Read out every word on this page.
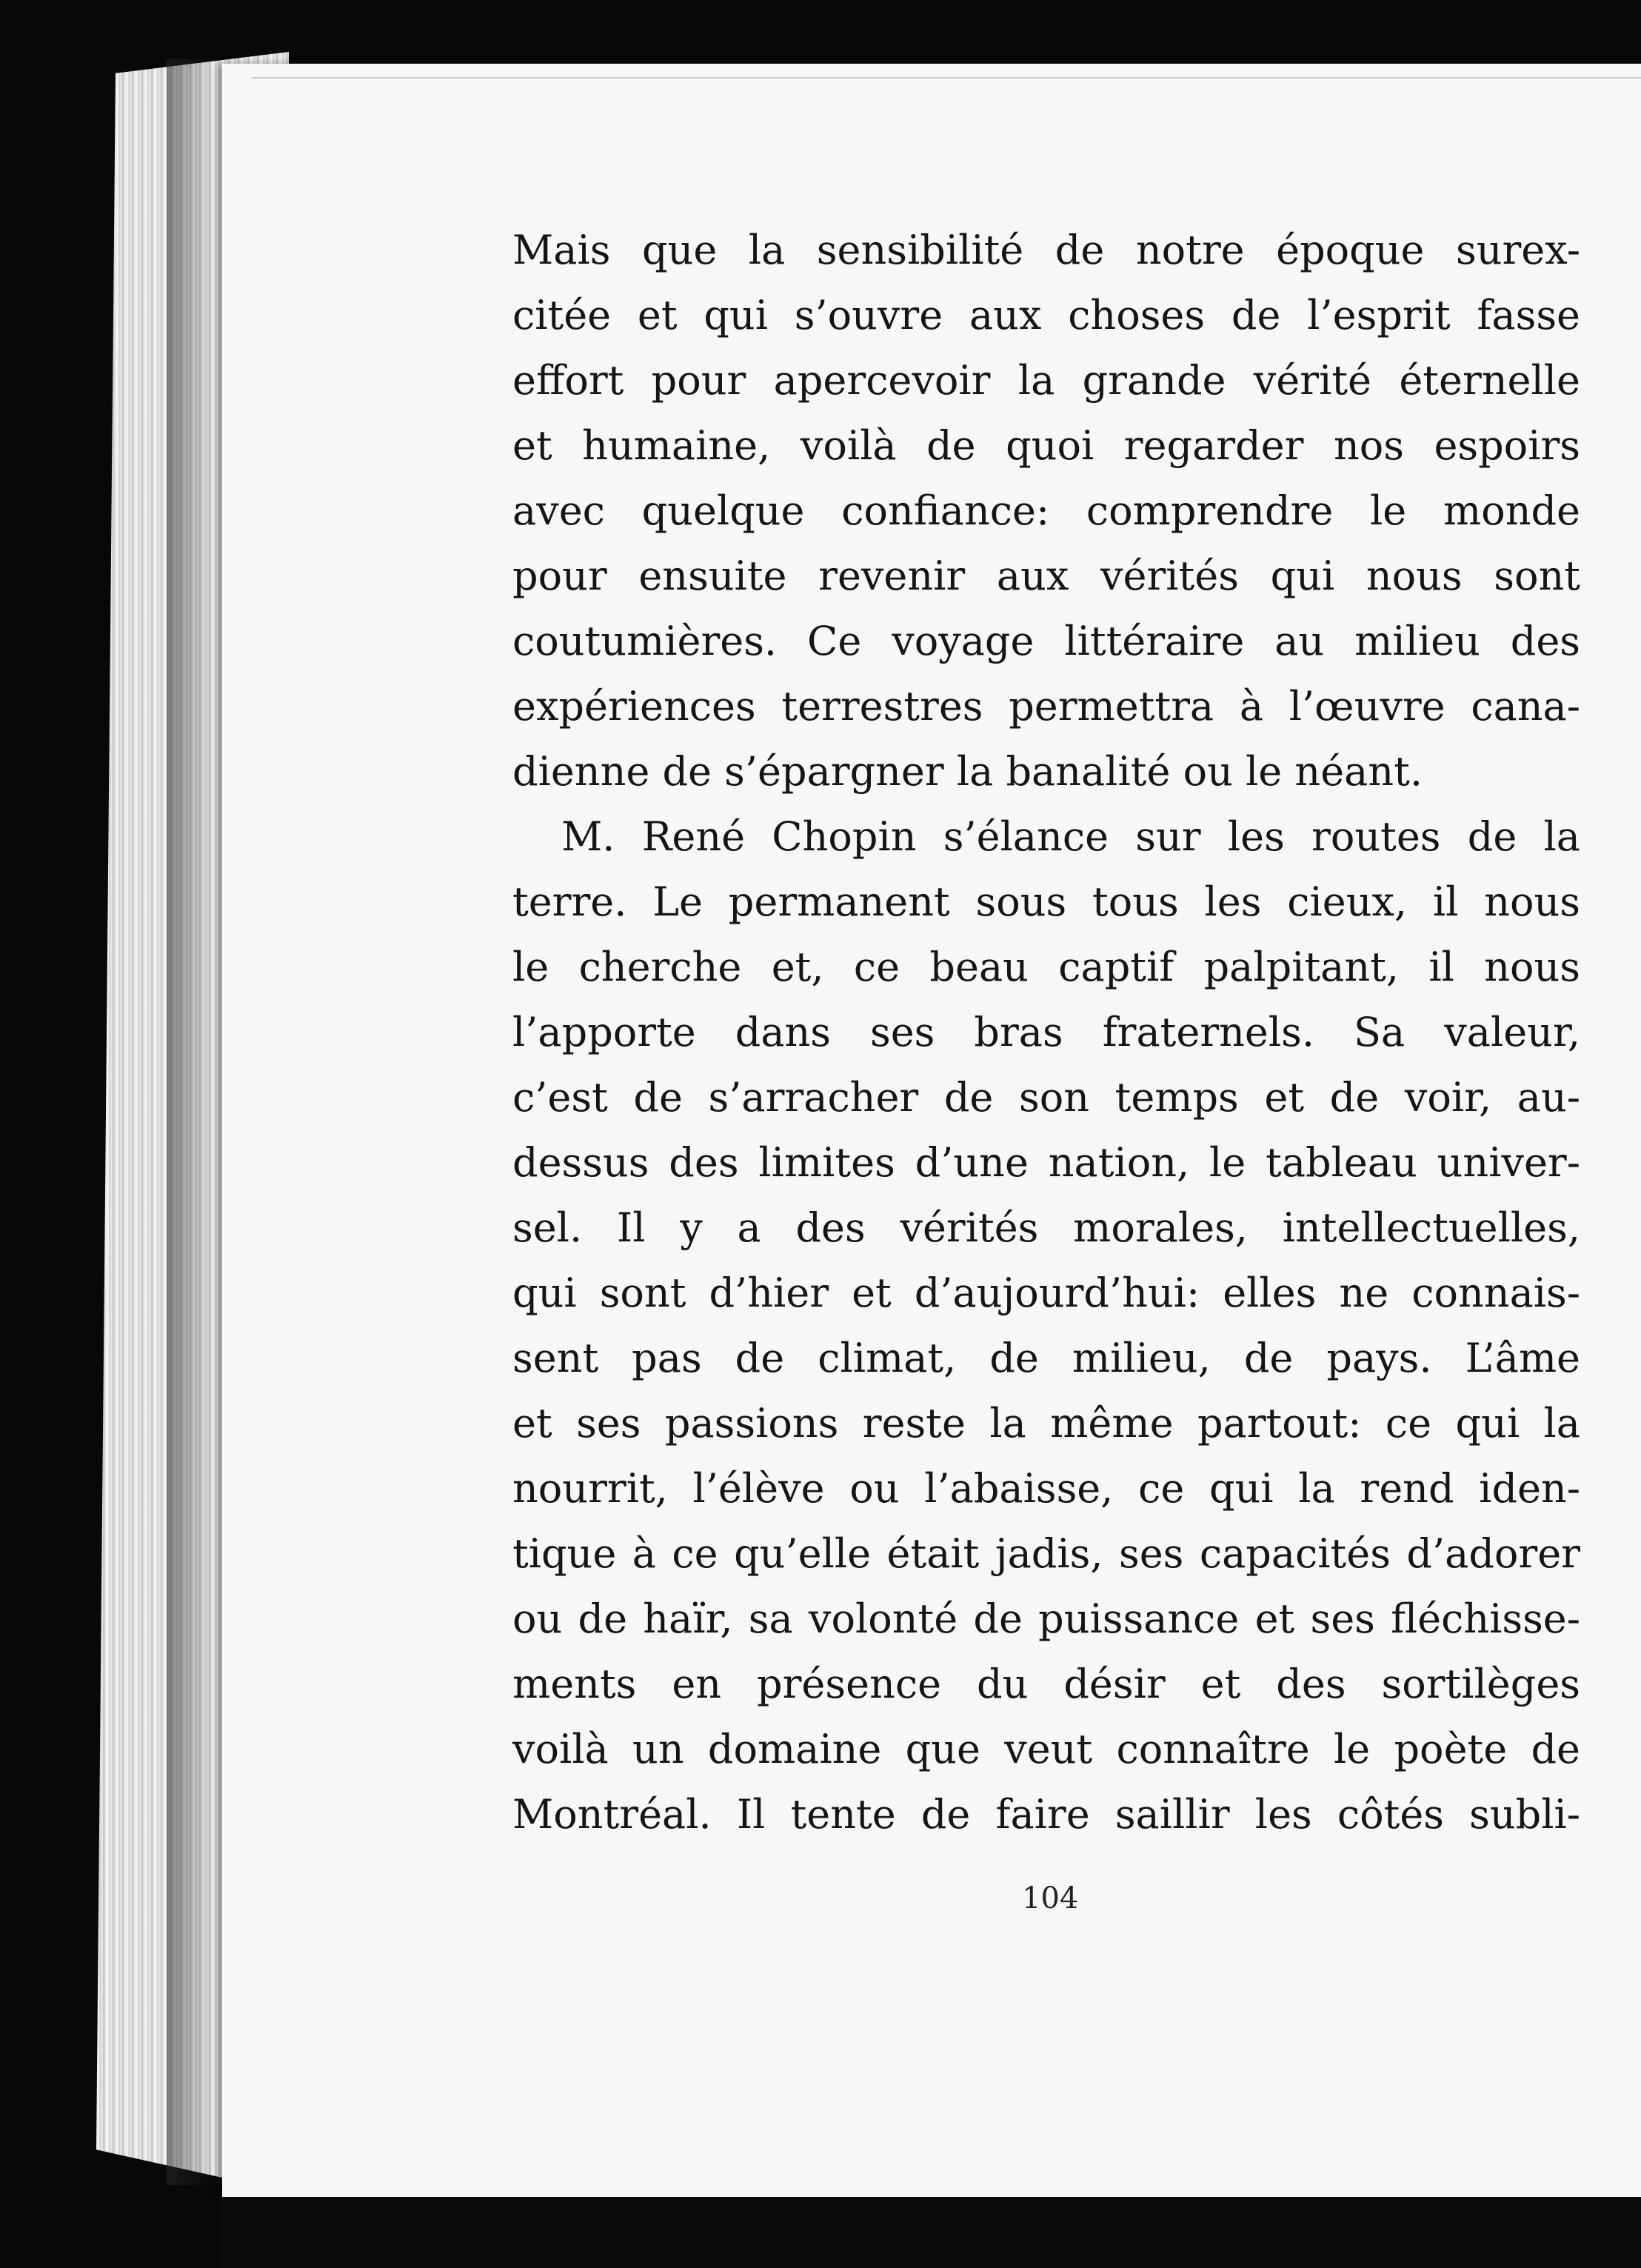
Mais que la sensibilité de notre époque surex-
citée et qui s’ouvre aux choses de l’esprit fasse
effort pour apercevoir la grande vérité éternelle
et humaine, voilà de quoi regarder nos espoirs
avec quelque confiance: comprendre le monde
pour ensuite revenir aux vérités qui nous sont
coutumières. Ce voyage littéraire au milieu des
expériences terrestres permettra à l’œuvre cana-
dienne de s’épargner la banalité ou le néant.
M. René Chopin s’élance sur les routes de la
terre. Le permanent sous tous les cieux, il nous
le cherche et, ce beau captif palpitant, il nous
l’apporte dans ses bras fraternels. Sa valeur,
c’est de s’arracher de son temps et de voir, au-
dessus des limites d’une nation, le tableau univer-
sel. Il y a des vérités morales, intellectuelles,
qui sont d’hier et d’aujourd’hui: elles ne connais-
sent pas de climat, de milieu, de pays. L’âme
et ses passions reste la même partout: ce qui la
nourrit, l’élève ou l’abaisse, ce qui la rend iden-
tique à ce qu’elle était jadis, ses capacités d’adorer
ou de haïr, sa volonté de puissance et ses fléchisse-
ments en présence du désir et des sortilèges
voilà un domaine que veut connaître le poète de
Montréal. Il tente de faire saillir les côtés subli-
104
